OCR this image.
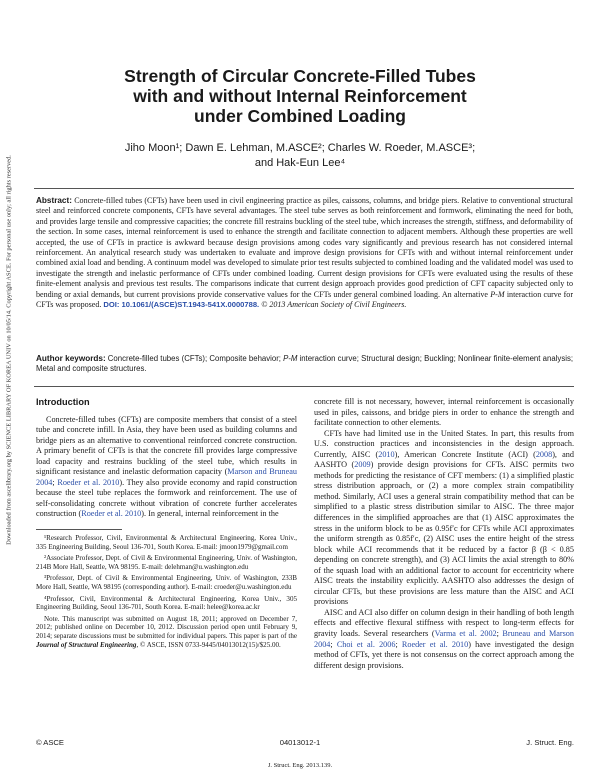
Downloaded from ascelibrary.org by SCIENCE LIBRARY OF KOREA UNIV on 10/05/14. Copyright ASCE. For personal use only; all rights reserved.
Strength of Circular Concrete-Filled Tubes
with and without Internal Reinforcement
under Combined Loading
Jiho Moon¹; Dawn E. Lehman, M.ASCE²; Charles W. Roeder, M.ASCE³;
and Hak-Eun Lee⁴
Abstract: Concrete-filled tubes (CFTs) have been used in civil engineering practice as piles, caissons, columns, and bridge piers. Relative to conventional structural steel and reinforced concrete components, CFTs have several advantages. The steel tube serves as both reinforcement and formwork, eliminating the need for both, and provides large tensile and compressive capacities; the concrete fill restrains buckling of the steel tube, which increases the strength, stiffness, and deformability of the section. In some cases, internal reinforcement is used to enhance the strength and facilitate connection to adjacent members. Although these properties are well accepted, the use of CFTs in practice is awkward because design provisions among codes vary significantly and previous research has not considered internal reinforcement. An analytical research study was undertaken to evaluate and improve design provisions for CFTs with and without internal reinforcement under combined axial load and bending. A continuum model was developed to simulate prior test results subjected to combined loading and the validated model was used to investigate the strength and inelastic performance of CFTs under combined loading. Current design provisions for CFTs were evaluated using the results of these finite-element analysis and previous test results. The comparisons indicate that current design approach provides good prediction of CFT capacity subjected only to bending or axial demands, but current provisions provide conservative values for the CFTs under general combined loading. An alternative P-M interaction curve for CFTs was proposed. DOI: 10.1061/(ASCE)ST.1943-541X.0000788. © 2013 American Society of Civil Engineers.
Author keywords: Concrete-filled tubes (CFTs); Composite behavior; P-M interaction curve; Structural design; Buckling; Nonlinear finite-element analysis; Metal and composite structures.
Introduction

Concrete-filled tubes (CFTs) are composite members that consist of a steel tube and concrete infill. In Asia, they have been used as building columns and bridge piers as an alternative to conventional reinforced concrete construction. A primary benefit of CFTs is that the concrete fill provides large compressive load capacity and restrains buckling of the steel tube, which results in significant resistance and inelastic deformation capacity (Marson and Bruneau 2004; Roeder et al. 2010). They also provide economy and rapid construction because the steel tube replaces the formwork and reinforcement. The use of self-consolidating concrete without vibration of concrete further accelerates construction (Roeder et al. 2010). In general, internal reinforcement in the

¹Research Professor, Civil, Environmental & Architectural Engineering, Korea Univ., 335 Engineering Building, Seoul 136-701, South Korea. E-mail: jmoon1979@gmail.com

²Associate Professor, Dept. of Civil & Environmental Engineering, Univ. of Washington, 214B More Hall, Seattle, WA 98195. E-mail: delehman@u.washington.edu

³Professor, Dept. of Civil & Environmental Engineering, Univ. of Washington, 233B More Hall, Seattle, WA 98195 (corresponding author). E-mail: croeder@u.washington.edu

⁴Professor, Civil, Environmental & Architectural Engineering, Korea Univ., 305 Engineering Building, Seoul 136-701, South Korea. E-mail: helee@korea.ac.kr

Note. This manuscript was submitted on August 18, 2011; approved on December 7, 2012; published online on December 10, 2012. Discussion period open until February 9, 2014; separate discussions must be submitted for individual papers. This paper is part of the Journal of Structural Engineering, © ASCE, ISSN 0733-9445/04013012(15)/$25.00.

concrete fill is not necessary, however, internal reinforcement is occasionally used in piles, caissons, and bridge piers in order to enhance the strength and facilitate connection to other elements.

CFTs have had limited use in the United States. In part, this results from U.S. construction practices and inconsistencies in the design approach. Currently, AISC (2010), American Concrete Institute (ACI) (2008), and AASHTO (2009) provide design provisions for CFTs. AISC permits two methods for predicting the resistance of CFT members: (1) a simplified plastic stress distribution approach, or (2) a more complex strain compatibility method. Similarly, ACI uses a general strain compatibility method that can be simplified to a plastic stress distribution similar to AISC. The three major differences in the simplified approaches are that (1) AISC approximates the stress in the uniform block to be as 0.95f′c for CFTs while ACI approximates the uniform strength as 0.85f′c, (2) AISC uses the entire height of the stress block while ACI recommends that it be reduced by a factor β (β < 0.85 depending on concrete strength), and (3) ACI limits the axial strength to 80% of the squash load with an additional factor to account for eccentricity where AISC treats the instability explicitly. AASHTO also addresses the design of circular CFTs, but these provisions are less mature than the AISC and ACI provisions

AISC and ACI also differ on column design in their handling of both length effects and effective flexural stiffness with respect to long-term effects for gravity loads. Several researchers (Varma et al. 2002; Bruneau and Marson 2004; Choi et al. 2006; Roeder et al. 2010) have investigated the design method of CFTs, yet there is not consensus on the correct approach among the different design provisions.

© ASCE	04013012-1	J. Struct. Eng.
J. Struct. Eng. 2013.139.
